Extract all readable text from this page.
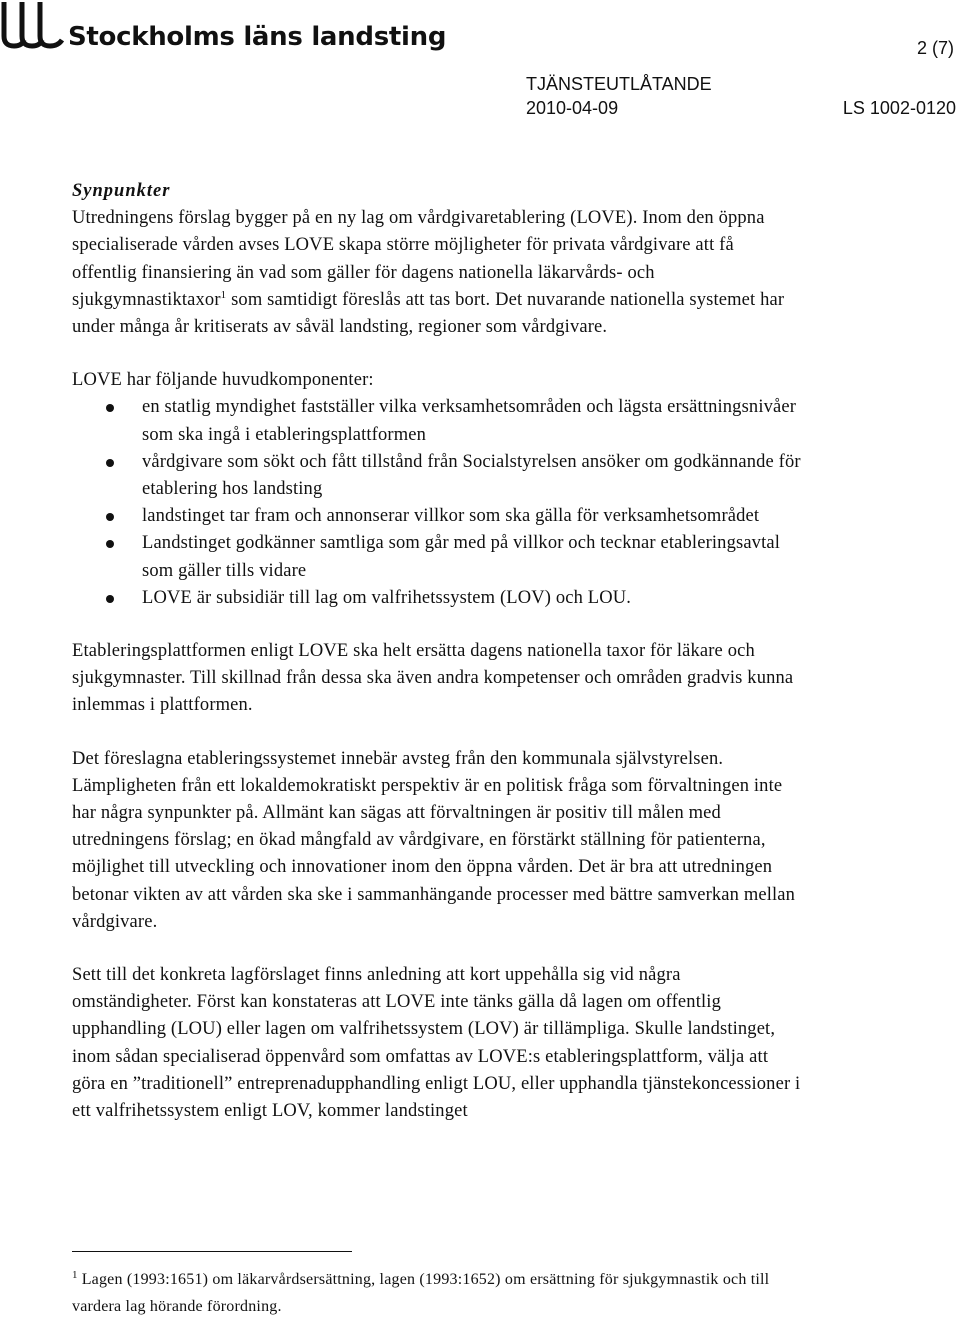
Stockholms läns landsting	2 (7)
TJÄNSTEUTLÅTANDE
2010-04-09	LS 1002-0120

Synpunkter

Utredningens förslag bygger på en ny lag om vårdgivaretablering (LOVE). Inom den öppna specialiserade vården avses LOVE skapa större möjligheter för privata vårdgivare att få offentlig finansiering än vad som gäller för dagens nationella läkarvårds- och sjukgymnastiktaxor$^1$ som samtidigt föreslås att tas bort. Det nuvarande nationella systemet har under många år kritiserats av såväl landsting, regioner som vårdgivare.

LOVE har följande huvudkomponenter:

en statlig myndighet fastställer vilka verksamhetsområden och lägsta ersättningsnivåer som ska ingå i etableringsplattformen
vårdgivare som sökt och fått tillstånd från Socialstyrelsen ansöker om godkännande för etablering hos landsting
landstinget tar fram och annonserar villkor som ska gälla för verksamhetsområdet
Landstinget godkänner samtliga som går med på villkor och tecknar etableringsavtal som gäller tills vidare
LOVE är subsidiär till lag om valfrihetssystem (LOV) och LOU.

Etableringsplattformen enligt LOVE ska helt ersätta dagens nationella taxor för läkare och sjukgymnaster. Till skillnad från dessa ska även andra kompetenser och områden gradvis kunna inlemmas i plattformen.

Det föreslagna etableringssystemet innebär avsteg från den kommunala självstyrelsen. Lämpligheten från ett lokaldemokratiskt perspektiv är en politisk fråga som förvaltningen inte har några synpunkter på. Allmänt kan sägas att förvaltningen är positiv till målen med utredningens förslag; en ökad mångfald av vårdgivare, en förstärkt ställning för patienterna, möjlighet till utveckling och innovationer inom den öppna vården. Det är bra att utredningen betonar vikten av att vården ska ske i sammanhängande processer med bättre samverkan mellan vårdgivare.

Sett till det konkreta lagförslaget finns anledning att kort uppehålla sig vid några omständigheter. Först kan konstateras att LOVE inte tänks gälla då lagen om offentlig upphandling (LOU) eller lagen om valfrihetssystem (LOV) är tillämpliga. Skulle landstinget, inom sådan specialiserad öppenvård som omfattas av LOVE:s etableringsplattform, välja att göra en ”traditionell” entreprenadupphandling enligt LOU, eller upphandla tjänstekoncessioner i ett valfrihetssystem enligt LOV, kommer landstinget

$^1$ Lagen (1993:1651) om läkarvårdsersättning, lagen (1993:1652) om ersättning för sjukgymnastik och till vardera lag hörande förordning.
